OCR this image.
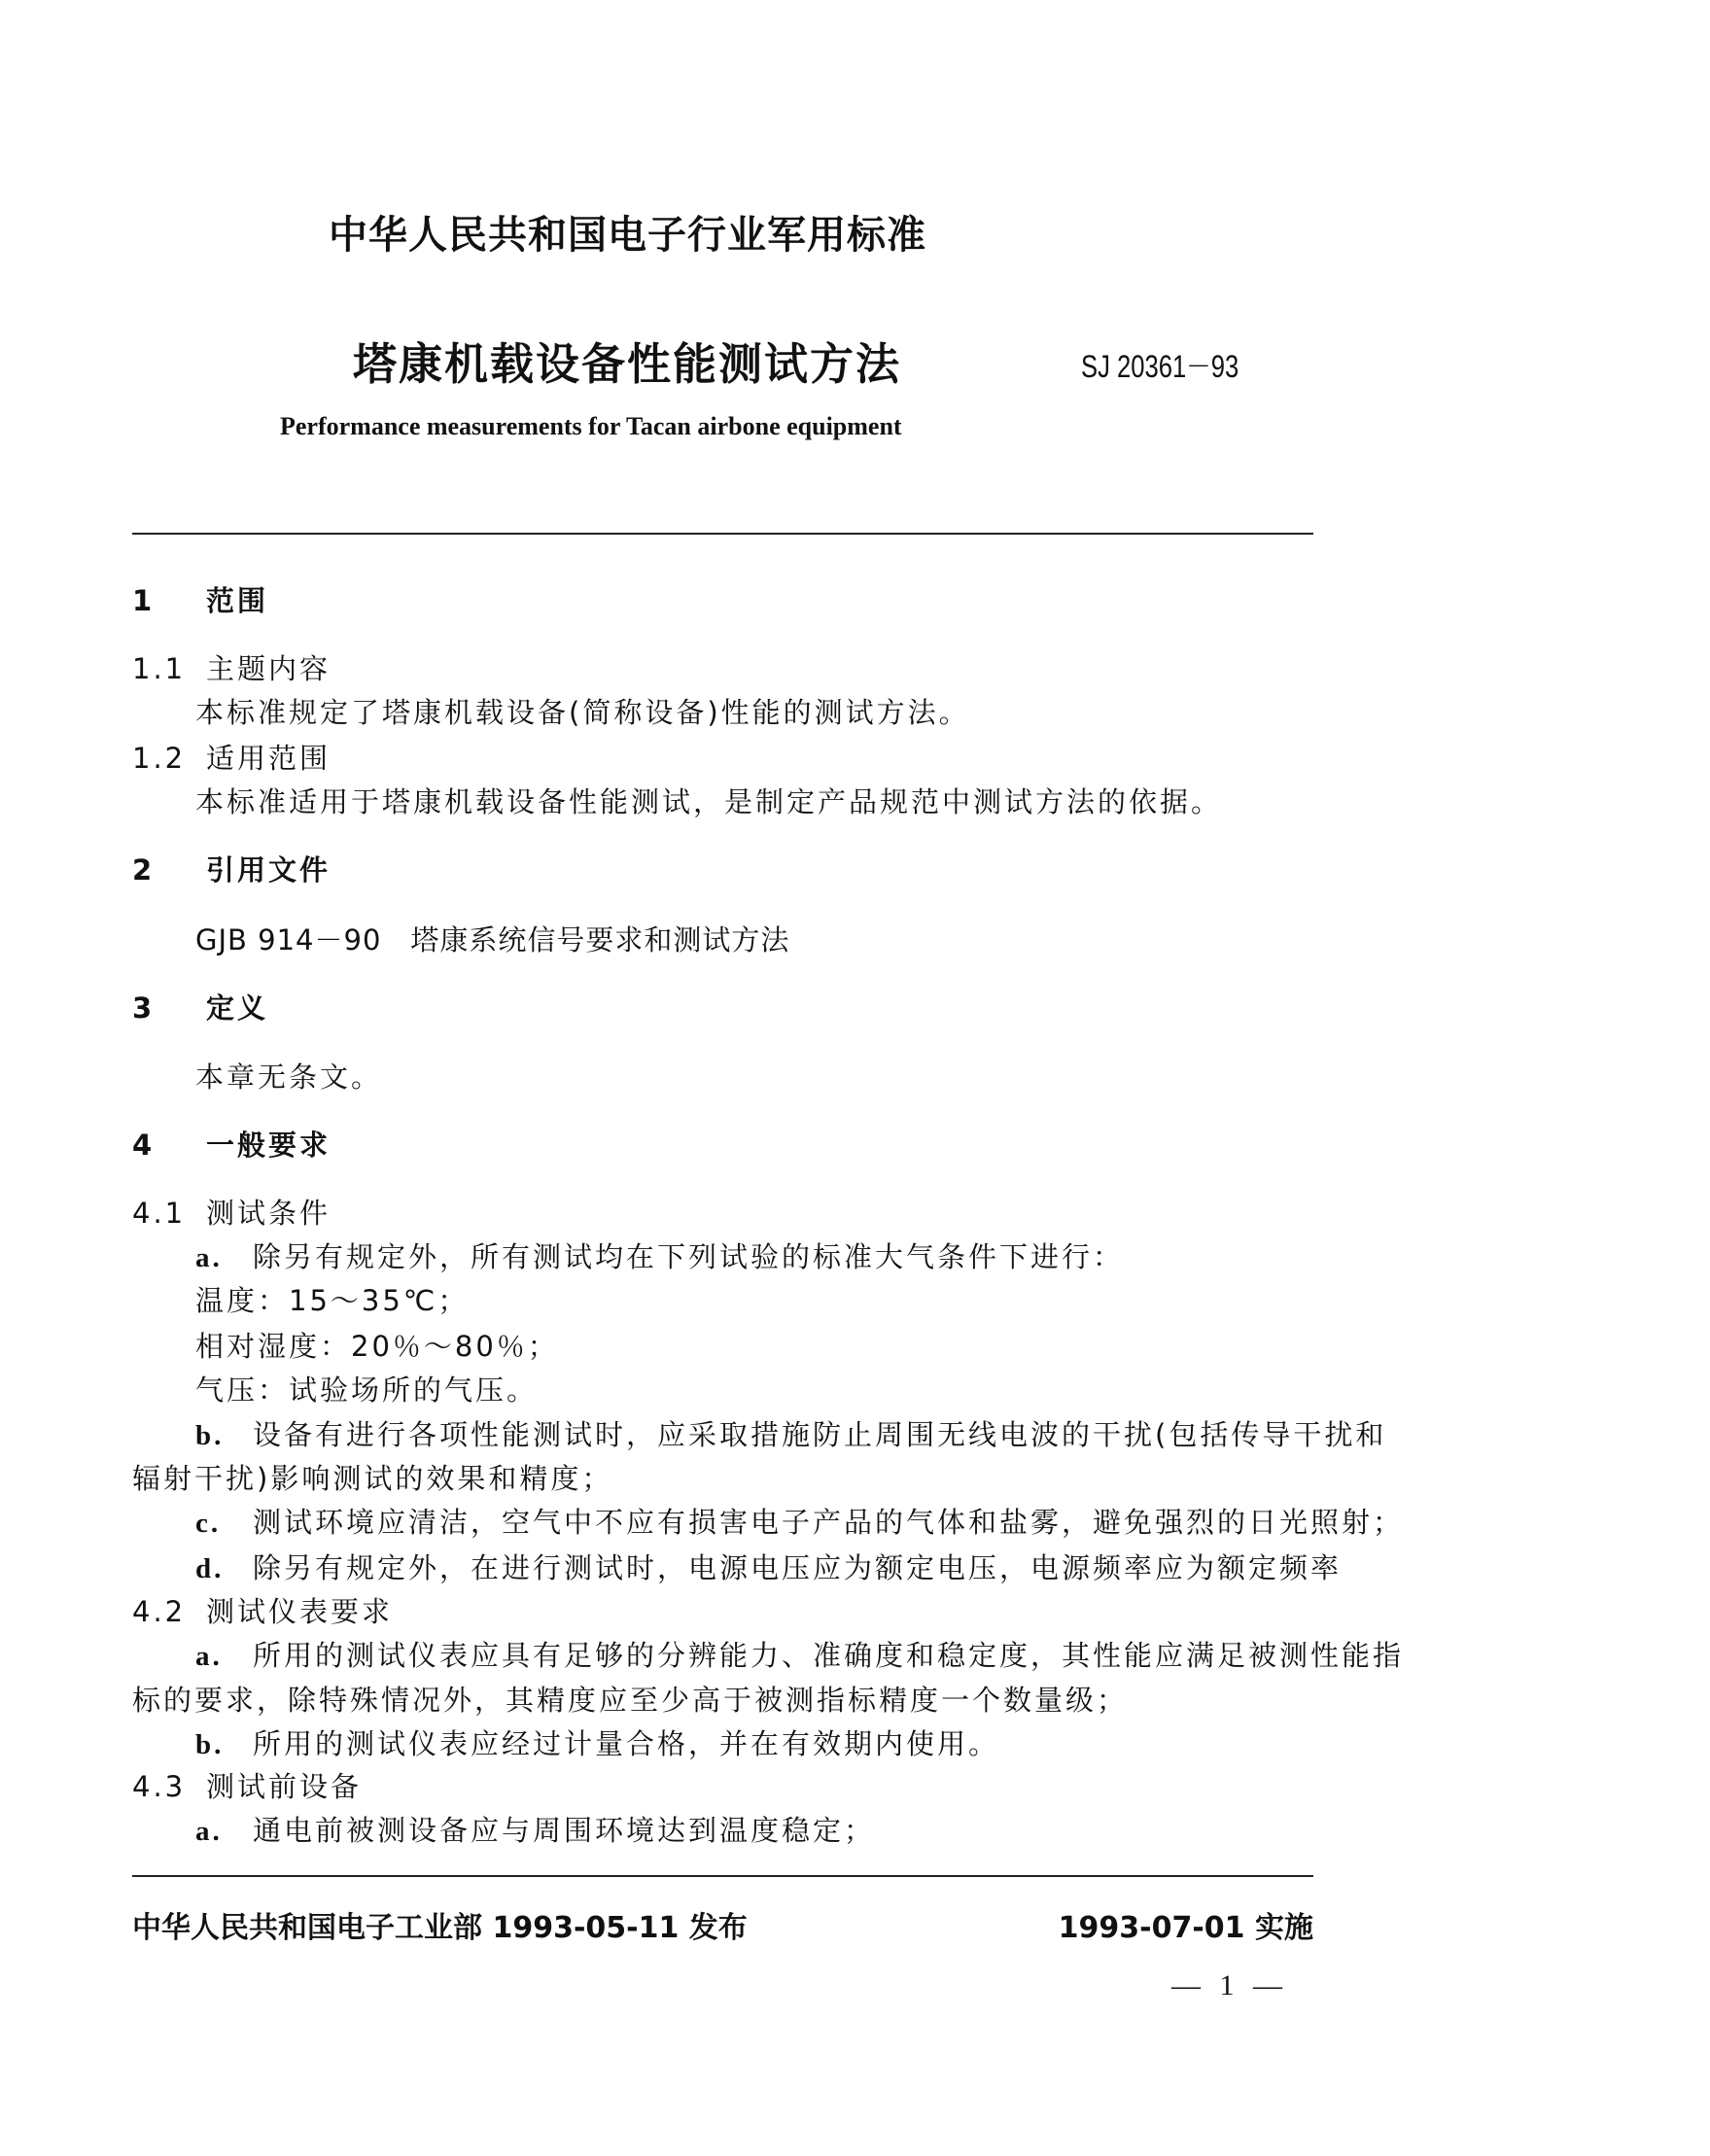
中华人民共和国电子行业军用标准
塔康机载设备性能测试方法	SJ 20361－93
Performance measurements for Tacan airbone equipment
1 范围
1.1 主题内容
本标准规定了塔康机载设备(简称设备)性能的测试方法。
1.2 适用范围
本标准适用于塔康机载设备性能测试，是制定产品规范中测试方法的依据。
2 引用文件
GJB 914－90　塔康系统信号要求和测试方法
3 定义
本章无条文。
4 一般要求
4.1 测试条件
a. 除另有规定外，所有测试均在下列试验的标准大气条件下进行：
温度：15～35℃；
相对湿度：20％～80％；
气压：试验场所的气压。
b. 设备有进行各项性能测试时，应采取措施防止周围无线电波的干扰(包括传导干扰和
辐射干扰)影响测试的效果和精度；
c. 测试环境应清洁，空气中不应有损害电子产品的气体和盐雾，避免强烈的日光照射；
d. 除另有规定外，在进行测试时，电源电压应为额定电压，电源频率应为额定频率
4.2 测试仪表要求
a. 所用的测试仪表应具有足够的分辨能力、准确度和稳定度，其性能应满足被测性能指
标的要求，除特殊情况外，其精度应至少高于被测指标精度一个数量级；
b. 所用的测试仪表应经过计量合格，并在有效期内使用。
4.3 测试前设备
a. 通电前被测设备应与周围环境达到温度稳定；
中华人民共和国电子工业部 1993-05-11 发布	1993-07-01 实施
— 1 —
